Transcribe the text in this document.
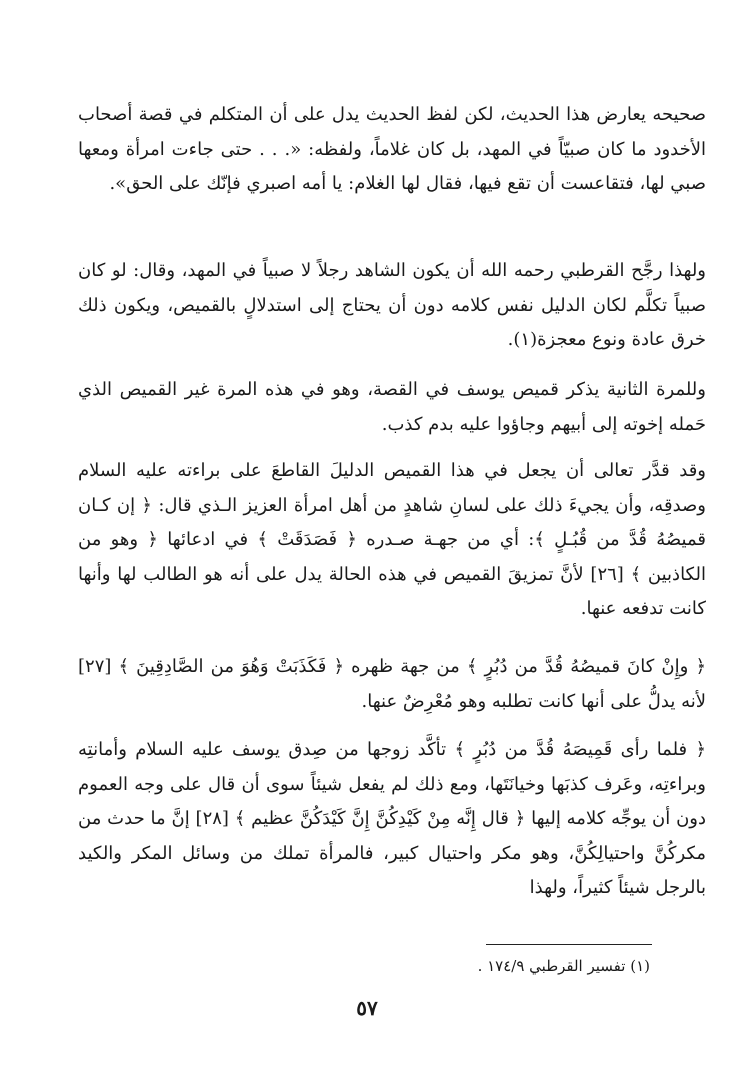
صحيحه يعارض هذا الحديث، لكن لفظ الحديث يدل على أن المتكلم في قصة أصحاب الأخدود ما كان صبيّاً في المهد، بل كان غلاماً، ولفظه: «. . . حتى جاءت امرأة ومعها صبي لها، فتقاعست أن تقع فيها، فقال لها الغلام: يا أمه اصبري فإنّك على الحق».

ولهذا رجَّح القرطبي رحمه الله أن يكون الشاهد رجلاً لا صبياً في المهد، وقال: لو كان صبياً تكلَّم لكان الدليل نفس كلامه دون أن يحتاج إلى استدلالٍ بالقميص، ويكون ذلك خرق عادة ونوع معجزة(١).

وللمرة الثانية يذكر قميص يوسف في القصة، وهو في هذه المرة غير القميص الذي حَمله إخوته إلى أبيهم وجاؤوا عليه بدم كذب.

وقد قدَّر تعالى أن يجعل في هذا القميص الدليلَ القاطعَ على براءته عليه السلام وصدقِه، وأن يجيءَ ذلك على لسانِ شاهدٍ من أهل امرأة العزيز الـذي قال: ﴿ إن كـان قميصُهُ قُدَّ من قُبُـلٍ ﴾: أي من جهـة صـدره ﴿ فَصَدَقَتْ ﴾ في ادعائها ﴿ وهو من الكاذبين ﴾ [٢٦] لأنَّ تمزيقَ القميص في هذه الحالة يدل على أنه هو الطالب لها وأنها كانت تدفعه عنها.

﴿ وإِنْ كانَ قميصُهُ قُدَّ من دُبُرٍ ﴾ من جهة ظهره ﴿ فَكَذَبَتْ وَهُوَ من الصَّادِقِينَ ﴾ [٢٧] لأنه يدلُّ على أنها كانت تطلبه وهو مُعْرِضٌ عنها.

﴿ فلما رأى قَمِيصَهُ قُدَّ من دُبُرٍ ﴾ تأكَّد زوجها من صِدق يوسف عليه السلام وأمانتِه وبراءتِه، وعَرف كذبَها وخيانَتَها، ومع ذلك لم يفعل شيئاً سوى أن قال على وجه العموم دون أن يوجِّه كلامه إليها ﴿ قال إِنَّه مِنْ كَيْدِكُنَّ إِنَّ كَيْدَكُنَّ عظيم ﴾ [٢٨] إنَّ ما حدث من مكركُنَّ واحتيالِكُنَّ، وهو مكر واحتيال كبير، فالمرأة تملك من وسائل المكر والكيد بالرجل شيئاً كثيراً، ولهذا

(١) تفسير القرطبي ١٧٤/٩ .
٥٧
